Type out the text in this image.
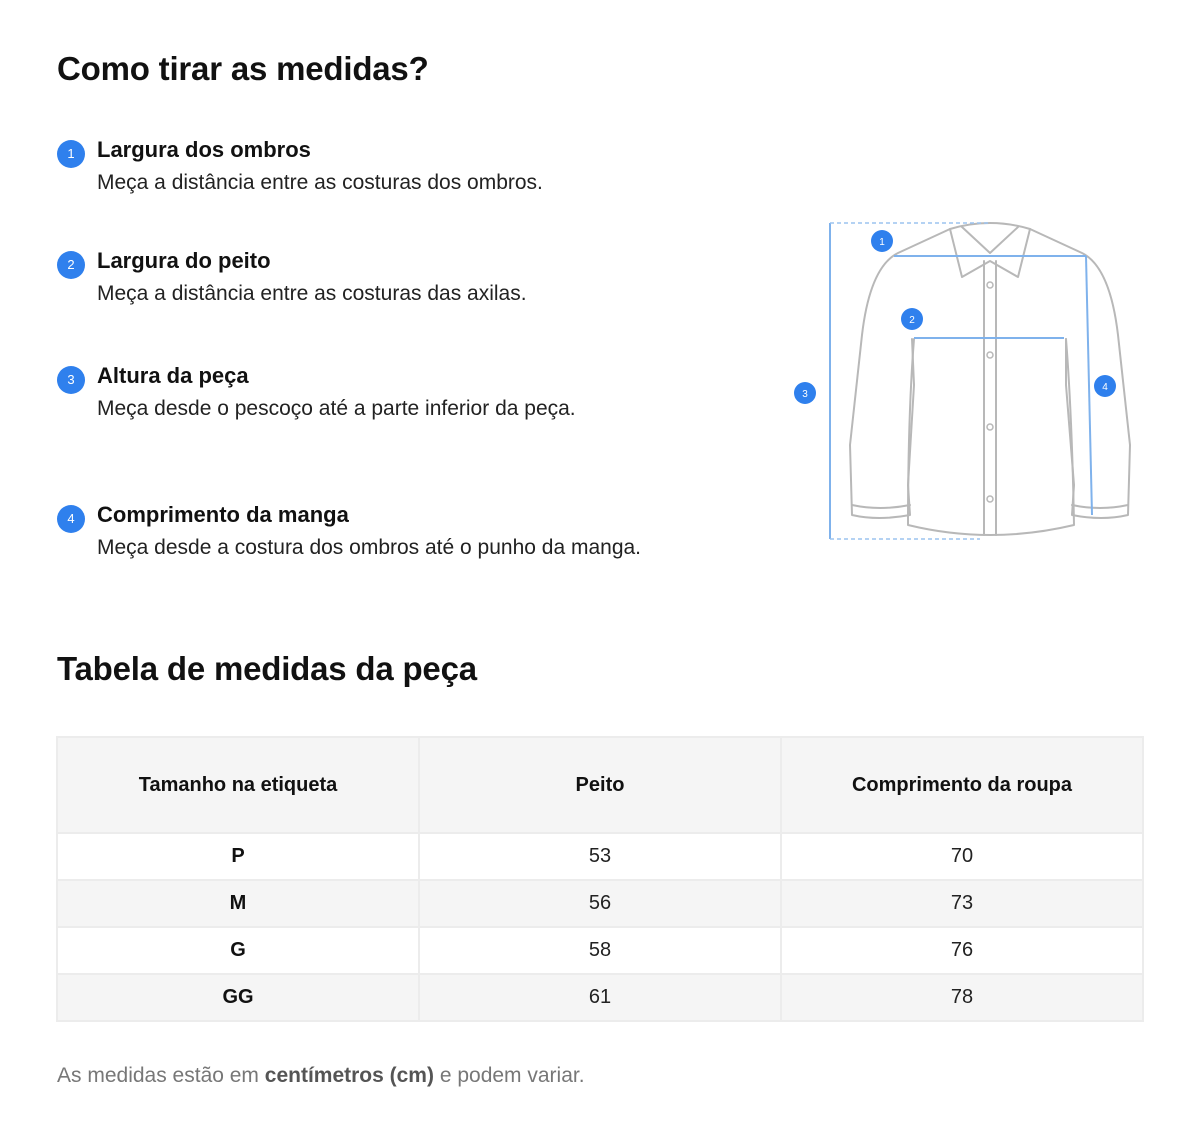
Como tirar as medidas?
1	Largura dos ombros
Meça a distância entre as costuras dos ombros.
2	Largura do peito
Meça a distância entre as costuras das axilas.
3	Altura da peça
Meça desde o pescoço até a parte inferior da peça.
4	Comprimento da manga
Meça desde a costura dos ombros até o punho da manga.
1
2
3
4
Tabela de medidas da peça
Tamanho na etiqueta	Peito	Comprimento da roupa
P	53	70
M	56	73
G	58	76
GG	61	78

As medidas estão em centímetros (cm) e podem variar.
